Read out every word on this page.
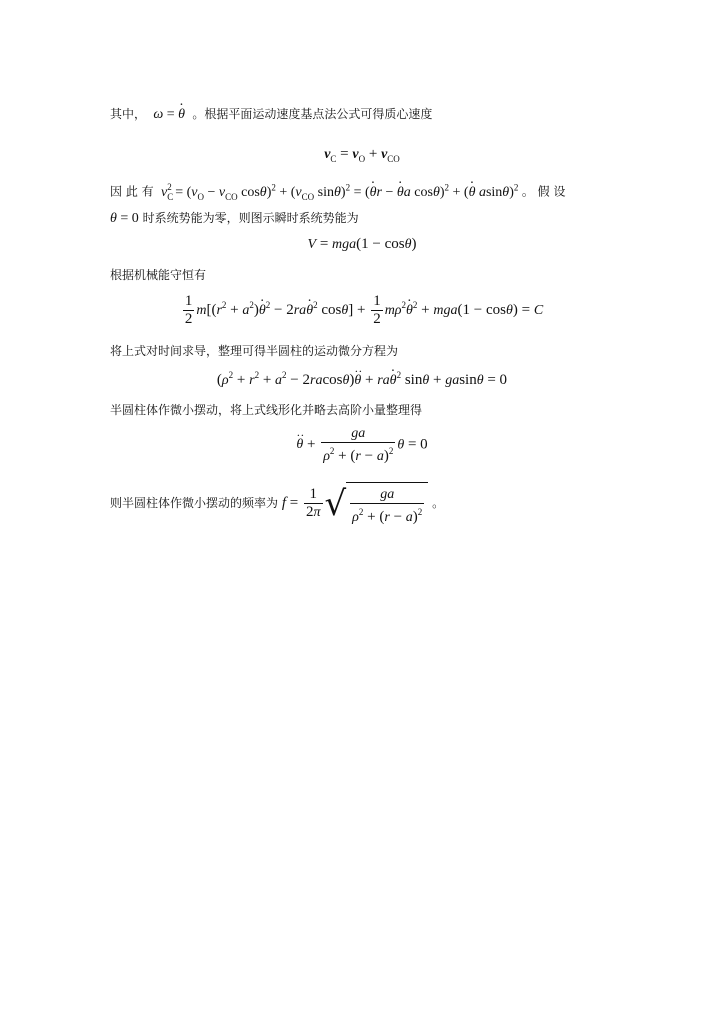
其中，  ω = · θ 。根据平面运动速度基点法公式可得质心速度
$v_C = v_O + v_{CO}$
因 此 有  $v_C^2 = (v_O - v_{CO}$ $\cos\theta)^2 + (v_{CO}$ sinθ)$^2$ = (· θr − · θa cosθ)$^2$ + (· θ asinθ)$^2$ 。 假 设
θ = 0 时系统势能为零，则图示瞬时系统势能为
V = mga(1 − cosθ)
根据机械能守恒有
$\frac{1}{2} m[(r^2 + a^2)\cdot \theta^2 - 2ra\cdot \theta^2$ $\cos\theta] + \frac{1}{2} m\rho^2\cdot \theta^2 + mga(1 - \cos\theta) = C$
将上式对时间求导，整理可得半圆柱的运动微分方程为
$(\rho^2 + r^2 + a^2 - 2racos\theta)\cdot\cdot \theta + ra\cdot \theta^2$ sinθ + gasinθ = 0
半圆柱体作微小摆动，将上式线形化并略去高阶小量整理得
·· $\theta + \frac{ga}{\rho^2 + (r - a)^2}$ θ = 0
则半圆柱体作微小摆动的频率为 $f = \frac{1}{2\pi}$ √ $\frac{ga}{\rho^2 + (r - a)^2}$ 。
